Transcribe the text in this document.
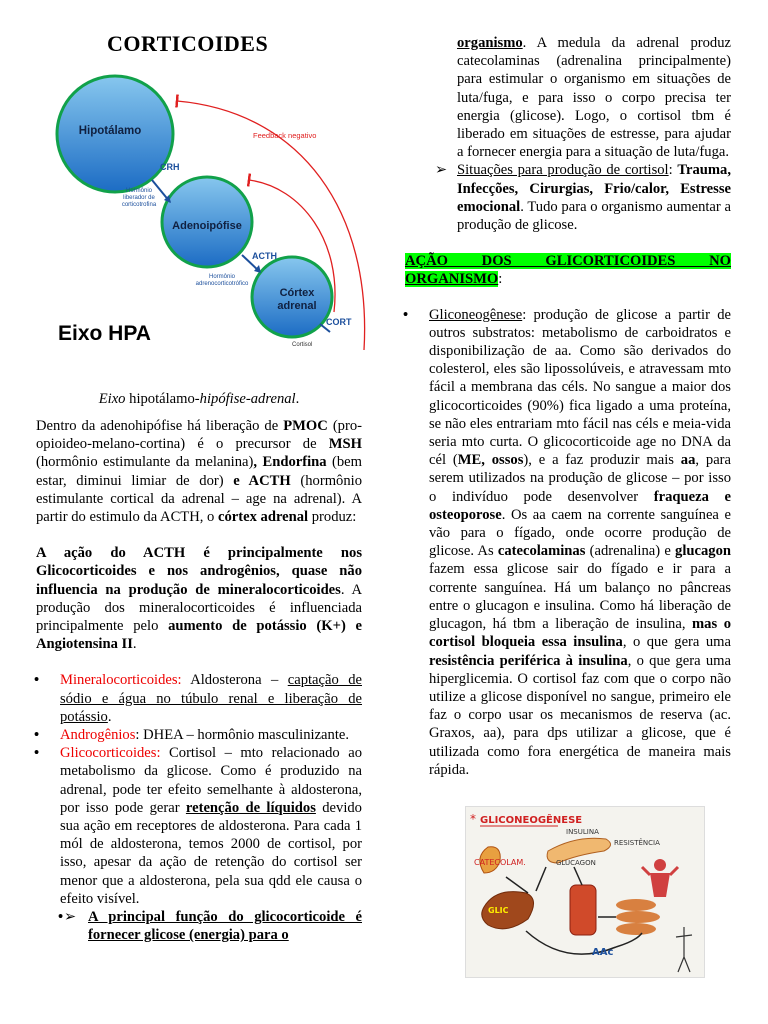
CORTICOIDES
Hipotálamo
Adenoipófise
Córtex
adrenal
CRH
Hormônio
liberador de
corticotrofina
ACTH
Hormônio
adrenocorticotrófico
CORT
Cortisol
Feedback negativo
Eixo HPA
Eixo hipotálamo-hipófise-adrenal.

Dentro da adenohipófise há liberação de PMOC (pro-opioideo-melano-cortina) é o precursor de MSH (hormônio estimulante da melanina), Endorfina (bem estar, diminui limiar de dor) e ACTH (hormônio estimulante cortical da adrenal – age na adrenal). A partir do estimulo da ACTH, o córtex adrenal produz:

A ação do ACTH é principalmente nos Glicocorticoides e nos androgênios, quase não influencia na produção de mineralocorticoides. A produção dos mineralocorticoides é influenciada principalmente pelo aumento de potássio (K+) e Angiotensina II.

• Mineralocorticoides: Aldosterona – captação de sódio e água no túbulo renal e liberação de potássio.
• Androgênios: DHEA – hormônio masculinizante.
• Glicocorticoides: Cortisol – mto relacionado ao metabolismo da glicose. Como é produzido na adrenal, pode ter efeito semelhante à aldosterona, por isso pode gerar retenção de líquidos devido sua ação em receptores de aldosterona. Para cada 1 mól de aldosterona, temos 2000 de cortisol, por isso, apesar da ação de retenção do cortisol ser menor que a aldosterona, pela sua qdd ele causa o efeito visível.
• ➢ A principal função do glicocorticoide é fornecer glicose (energia) para o
organismo. A medula da adrenal produz catecolaminas (adrenalina principalmente) para estimular o organismo em situações de luta/fuga, e para isso o corpo precisa ter energia (glicose). Logo, o cortisol tbm é liberado em situações de estresse, para ajudar a fornecer energia para a situação de luta/fuga.
➢ Situações para produção de cortisol: Trauma, Infecções, Cirurgias, Frio/calor, Estresse emocional. Tudo para o organismo aumentar a produção de glicose.

AÇÃO DOS GLICORTICOIDES NO ORGANISMO:

• Gliconeogênese: produção de glicose a partir de outros substratos: metabolismo de carboidratos e disponibilização de aa. Como são derivados do colesterol, eles são lipossolúveis, e atravessam mto fácil a membrana das céls. No sangue a maior dos glicocorticoides (90%) fica ligado a uma proteína, se não eles entrariam mto fácil nas céls e meia-vida seria mto curta. O glicocorticoide age no DNA da cél (ME, ossos), e a faz produzir mais aa, para serem utilizados na produção de glicose – por isso o indivíduo pode desenvolver fraqueza e osteoporose. Os aa caem na corrente sanguínea e vão para o fígado, onde ocorre produção de glicose. As catecolaminas (adrenalina) e glucagon fazem essa glicose sair do fígado e ir para a corrente sanguínea. Há um balanço no pâncreas entre o glucagon e insulina. Como há liberação de glucagon, há tbm a liberação de insulina, mas o cortisol bloqueia essa insulina, o que gera uma resistência periférica à insulina, o que gera uma hiperglicemia. O cortisol faz com que o corpo não utilize a glicose disponível no sangue, primeiro ele faz o corpo usar os mecanismos de reserva (ac. Graxos, aa), para dps utilizar a glicose, que é utilizada como fora energética de maneira mais rápida.
* GLICONEOGÊNESE
CATECOLAM.
INSULINA
GLUCAGON
RESISTÊNCIA
GLIC
AAc
